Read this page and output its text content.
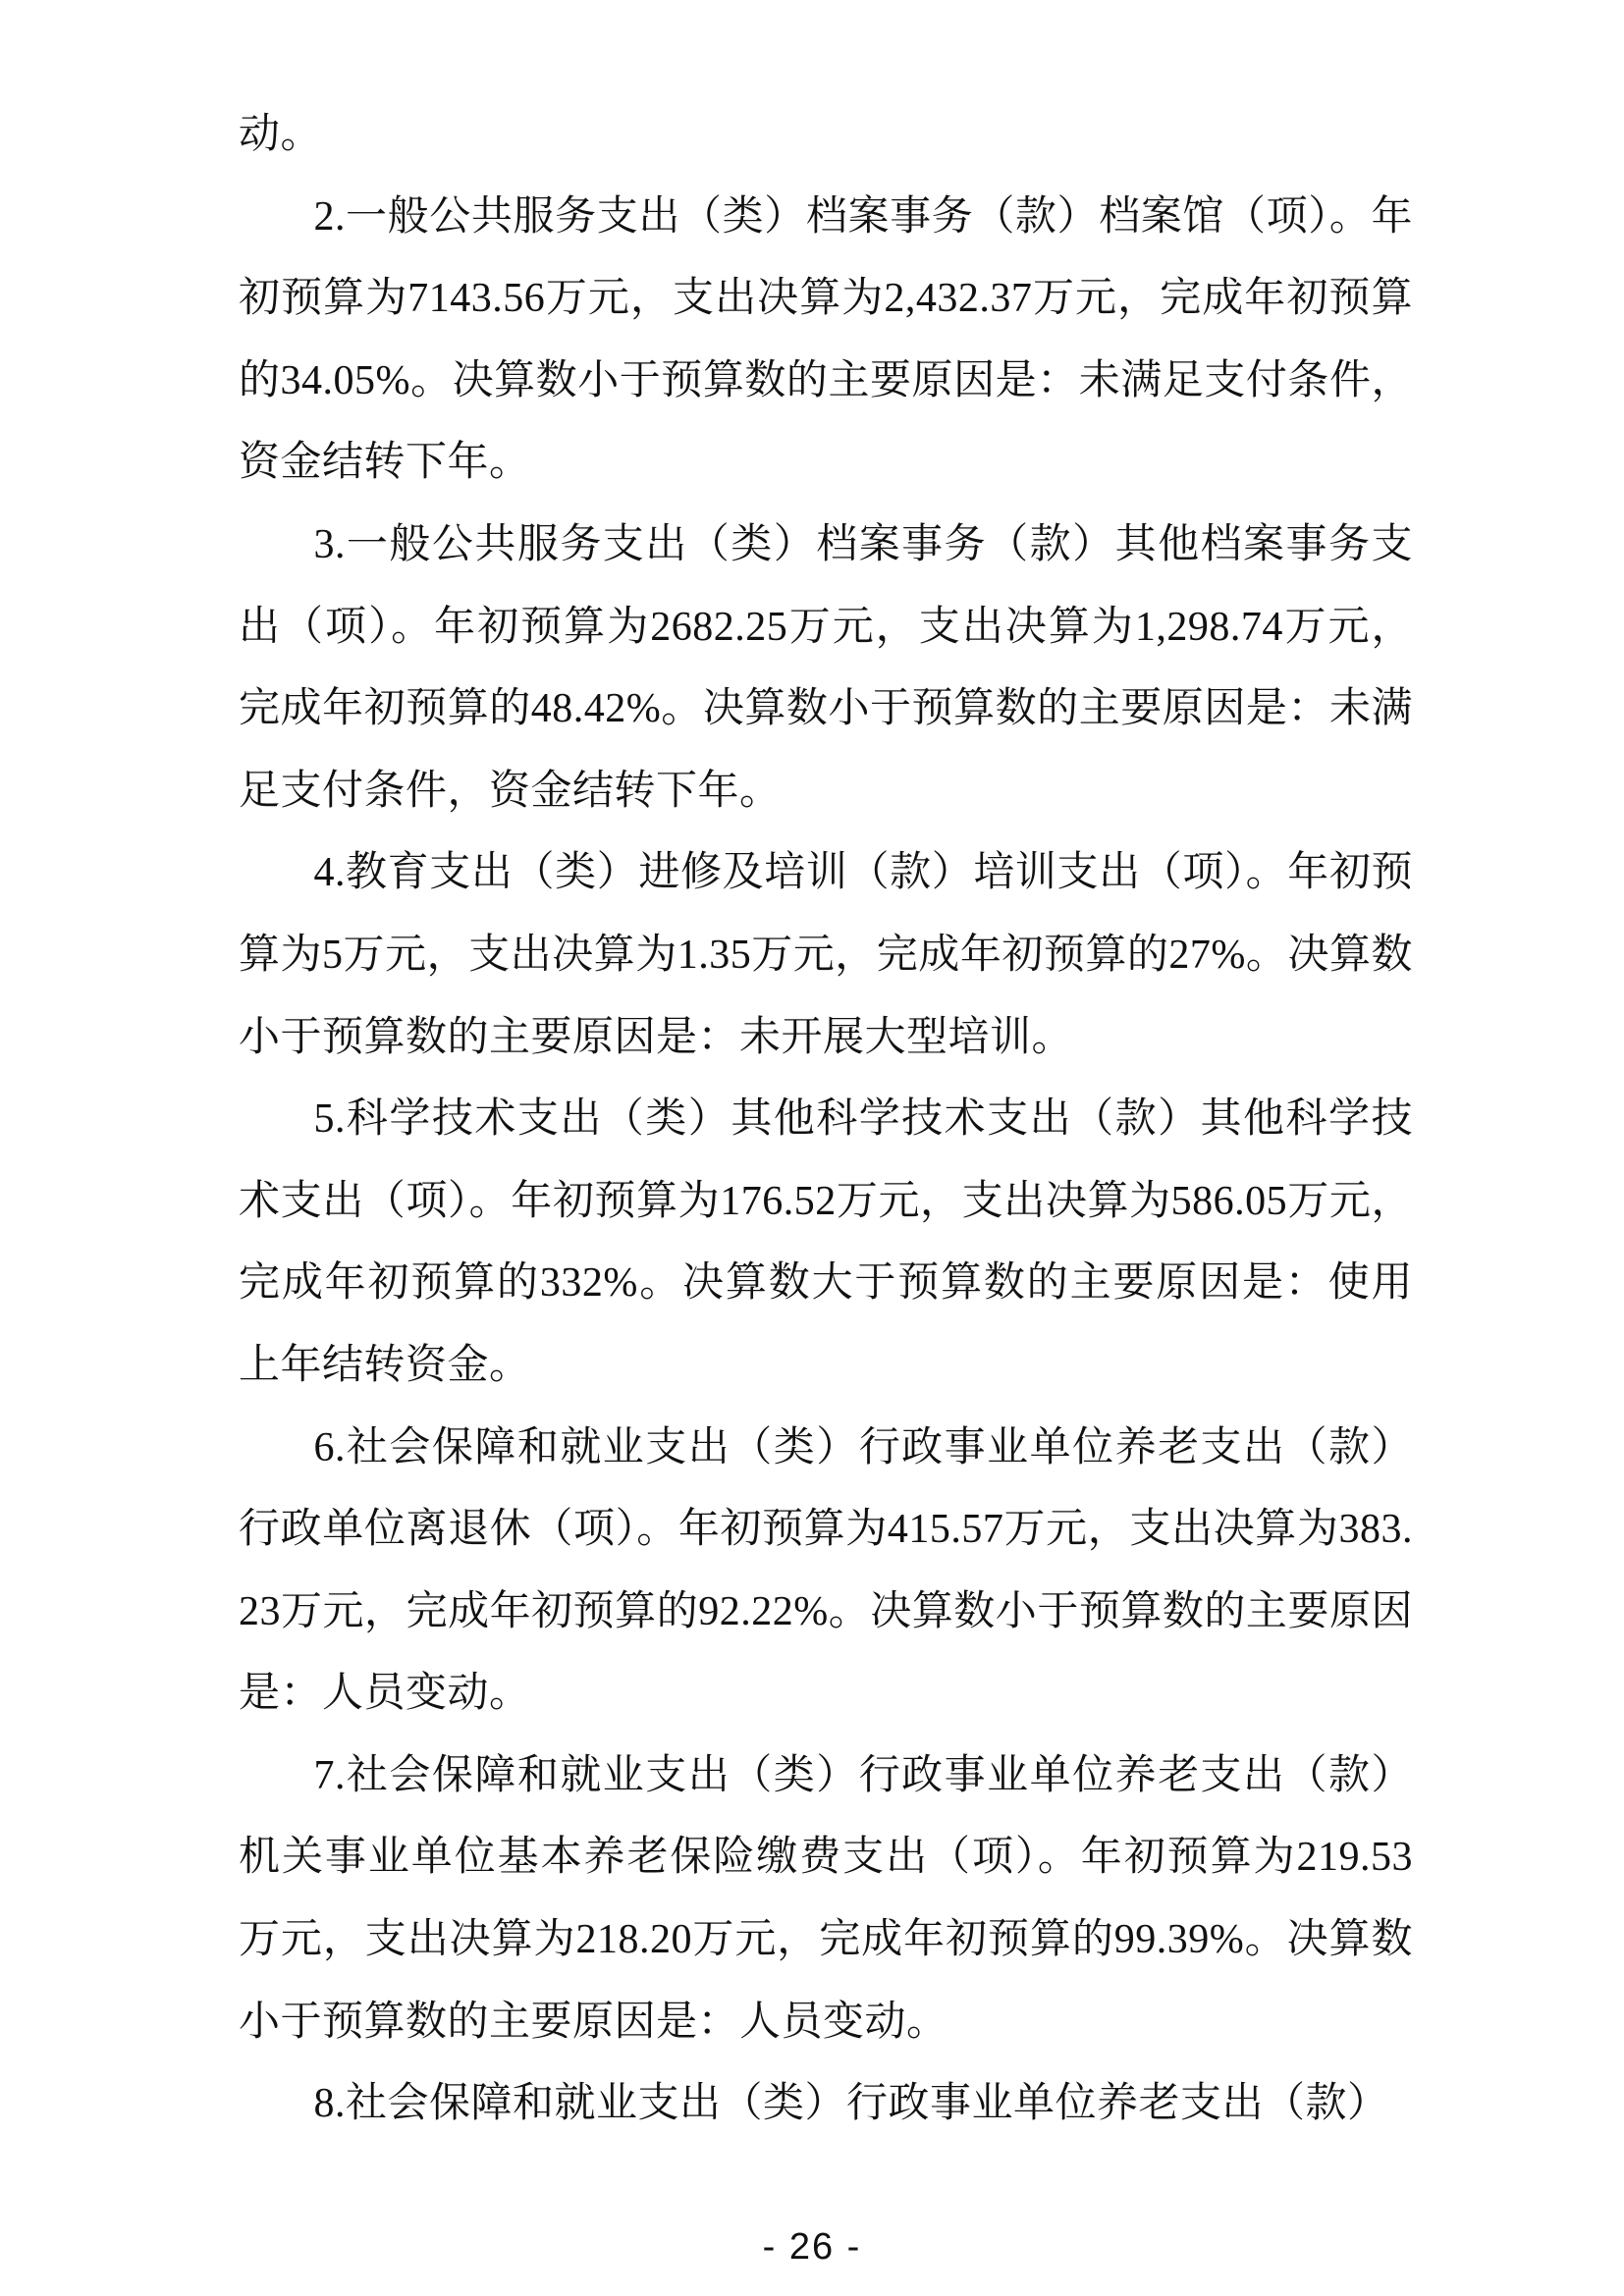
动。

2.一般公共服务支出（类）档案事务（款）档案馆（项）。年初预算为7143.56万元，支出决算为2,432.37万元，完成年初预算的34.05%。决算数小于预算数的主要原因是：未满足支付条件，资金结转下年。

3.一般公共服务支出（类）档案事务（款）其他档案事务支出（项）。年初预算为2682.25万元，支出决算为1,298.74万元，完成年初预算的48.42%。决算数小于预算数的主要原因是：未满足支付条件，资金结转下年。

4.教育支出（类）进修及培训（款）培训支出（项）。年初预算为5万元，支出决算为1.35万元，完成年初预算的27%。决算数小于预算数的主要原因是：未开展大型培训。

5.科学技术支出（类）其他科学技术支出（款）其他科学技术支出（项）。年初预算为176.52万元，支出决算为586.05万元，完成年初预算的332%。决算数大于预算数的主要原因是：使用上年结转资金。

6.社会保障和就业支出（类）行政事业单位养老支出（款）行政单位离退休（项）。年初预算为415.57万元，支出决算为383.23万元，完成年初预算的92.22%。决算数小于预算数的主要原因是：人员变动。

7.社会保障和就业支出（类）行政事业单位养老支出（款）机关事业单位基本养老保险缴费支出（项）。年初预算为219.53万元，支出决算为218.20万元，完成年初预算的99.39%。决算数小于预算数的主要原因是：人员变动。

8.社会保障和就业支出（类）行政事业单位养老支出（款）

- 26 -
